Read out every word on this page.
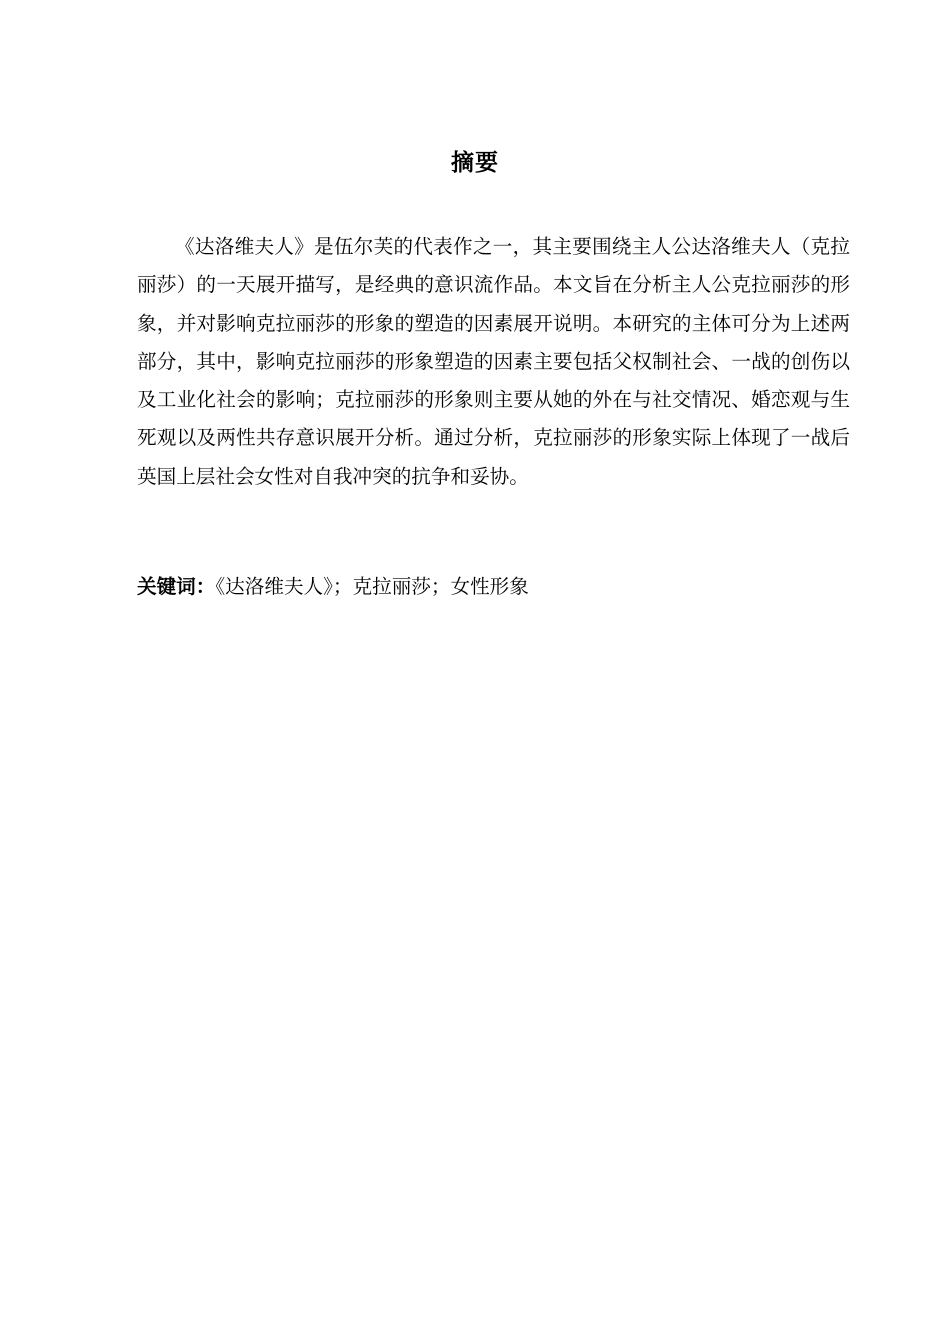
摘要

《达洛维夫人》是伍尔芙的代表作之一，其主要围绕主人公达洛维夫人（克拉丽莎）的一天展开描写，是经典的意识流作品。本文旨在分析主人公克拉丽莎的形象，并对影响克拉丽莎的形象的塑造的因素展开说明。本研究的主体可分为上述两部分，其中，影响克拉丽莎的形象塑造的因素主要包括父权制社会、一战的创伤以及工业化社会的影响；克拉丽莎的形象则主要从她的外在与社交情况、婚恋观与生死观以及两性共存意识展开分析。通过分析，克拉丽莎的形象实际上体现了一战后英国上层社会女性对自我冲突的抗争和妥协。

关键词：《达洛维夫人》；克拉丽莎；女性形象
